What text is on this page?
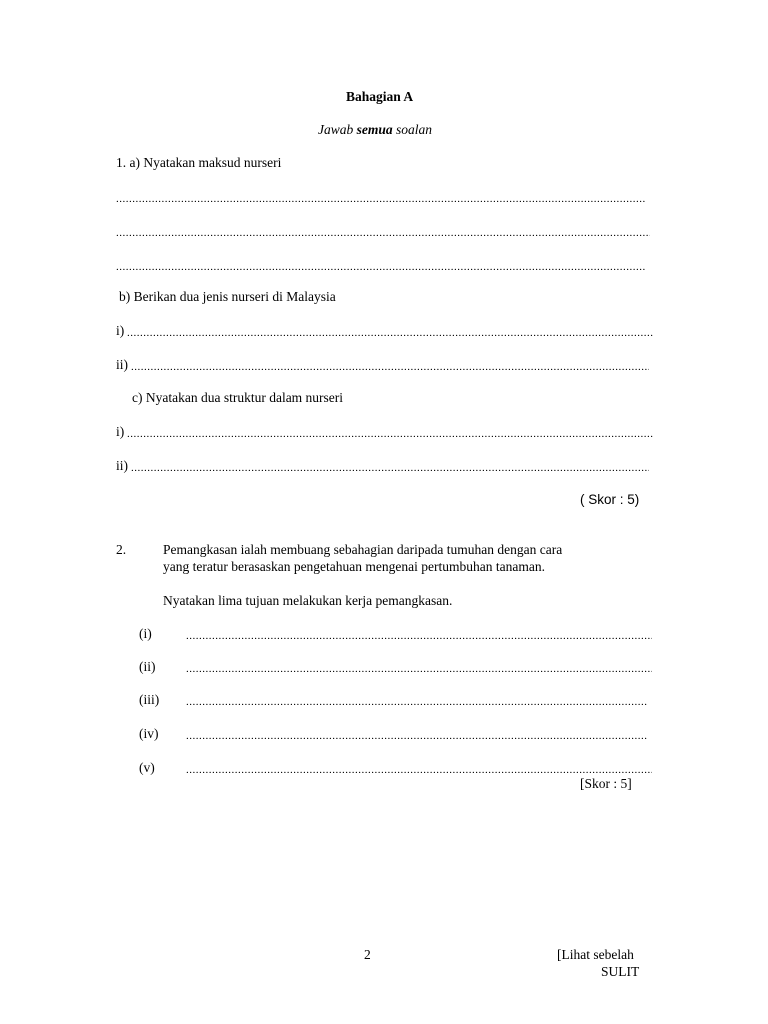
Bahagian A
Jawab semua soalan
1. a) Nyatakan maksud nurseri
.....
.....
.....
b) Berikan dua jenis nurseri di Malaysia
i)
.....
ii)
.....
c) Nyatakan dua struktur dalam nurseri
i)
.....
ii)
.....
( Skor : 5)
2.	Pemangkasan ialah membuang sebahagian daripada tumuhan dengan cara
yang teratur berasaskan pengetahuan mengenai pertumbuhan tanaman.
Nyatakan lima tujuan melakukan kerja pemangkasan.
(i)
.....
(ii)
.....
(iii)
.....
(iv)
.....
(v)
.....
[Skor : 5]
2	[Lihat sebelah
SULIT
